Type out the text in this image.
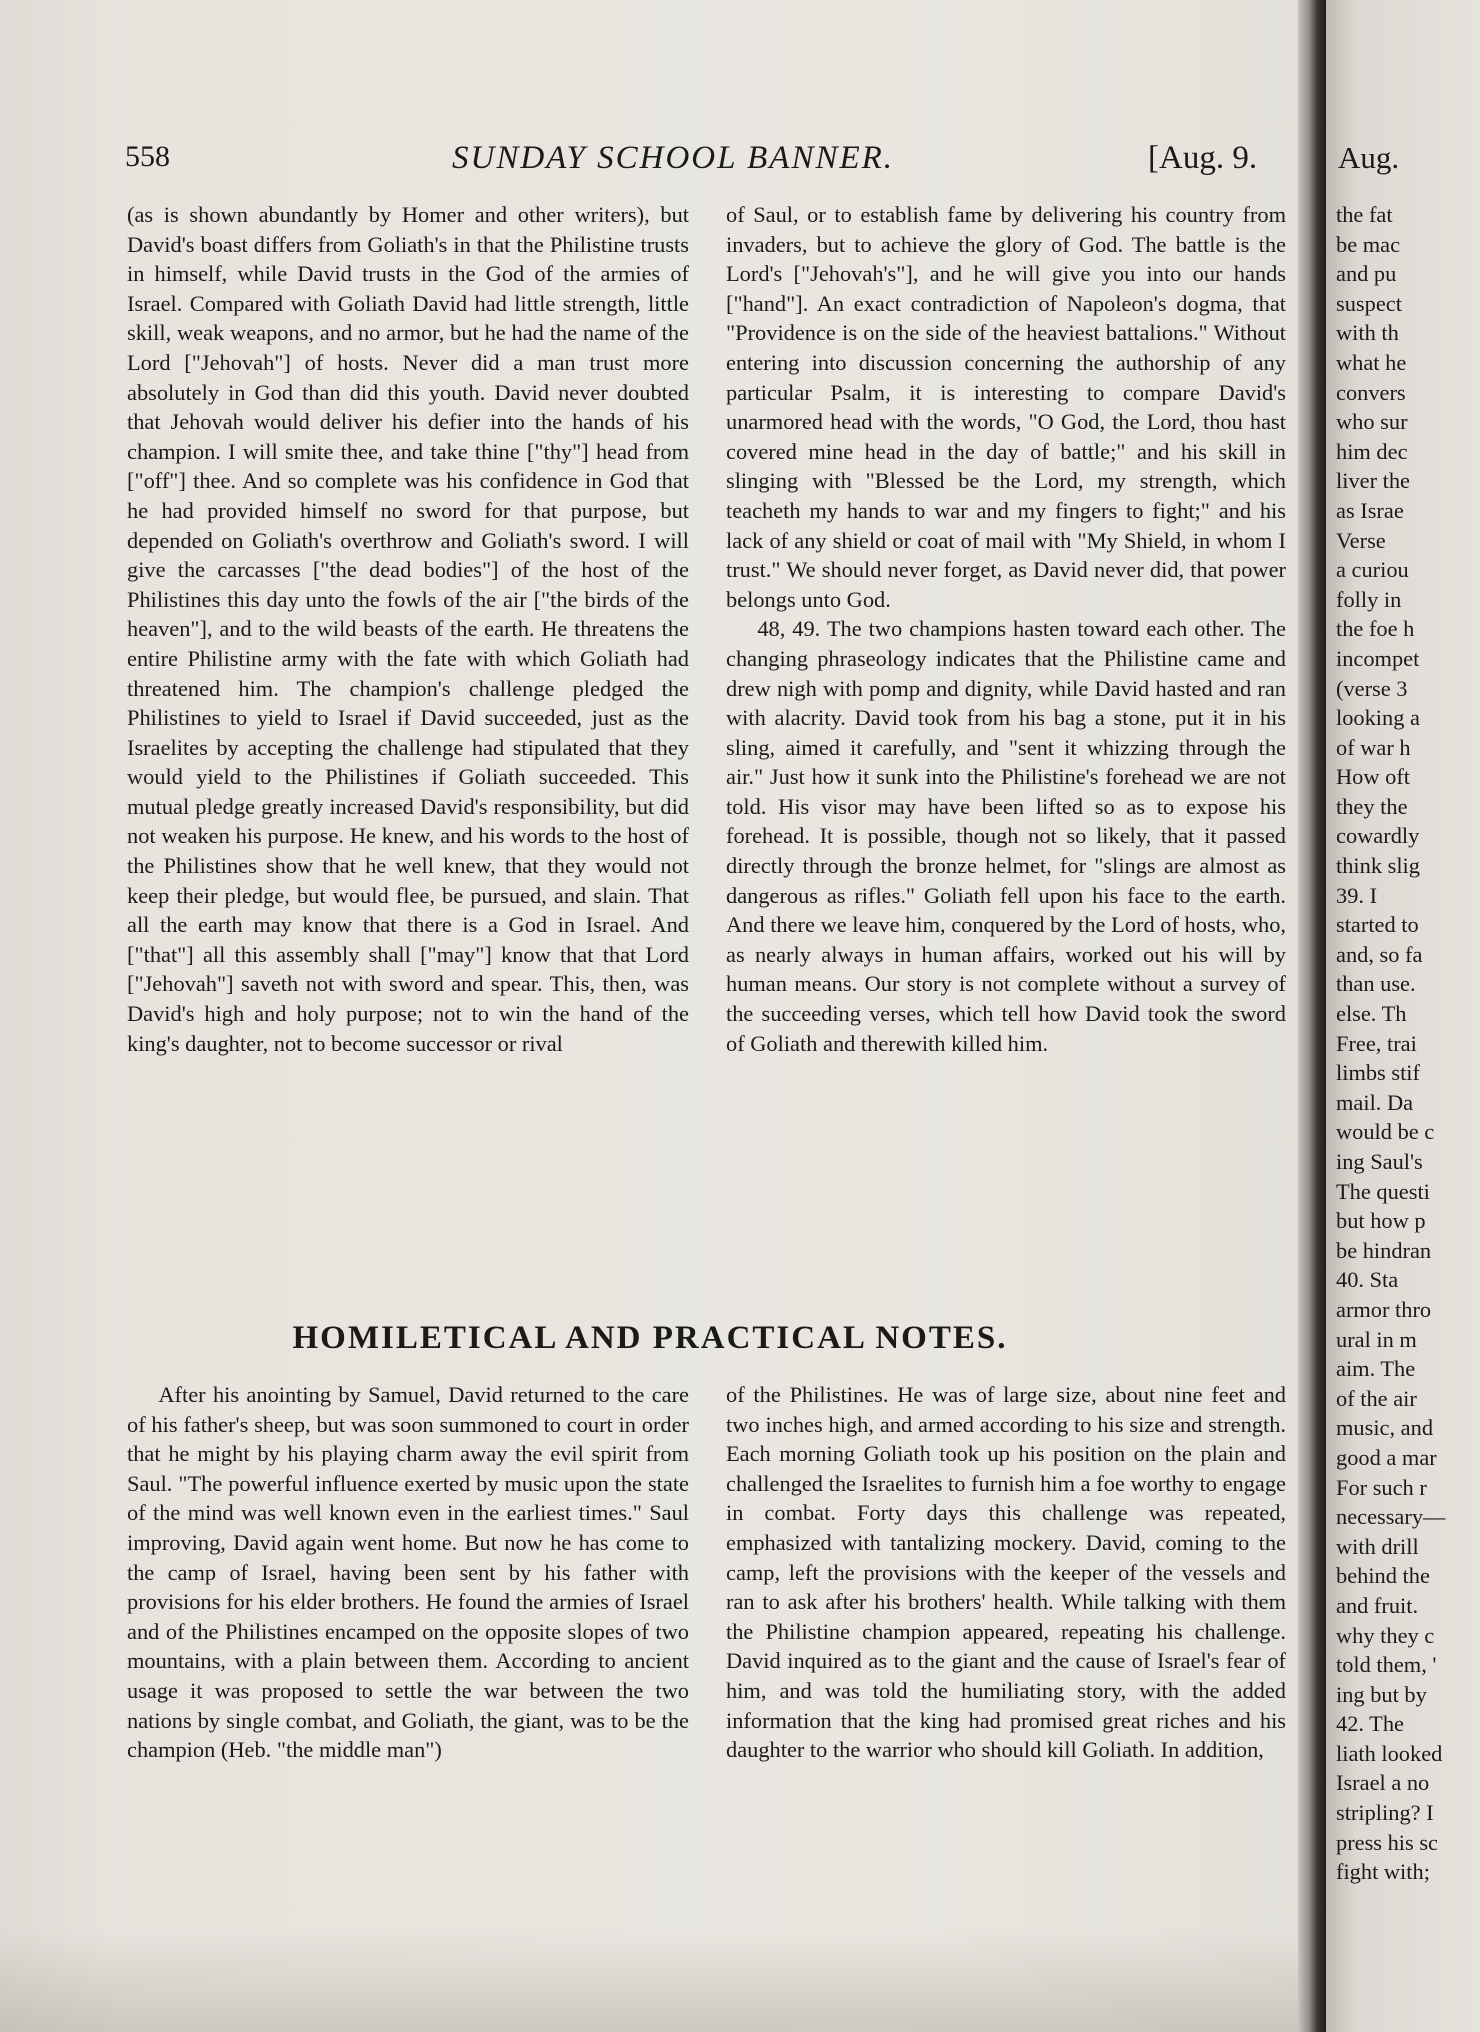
558	SUNDAY SCHOOL BANNER.	[Aug. 9.

(as is shown abundantly by Homer and other writers), but David's boast differs from Goliath's in that the Philistine trusts in himself, while David trusts in the God of the armies of Israel. Compared with Goliath David had little strength, little skill, weak weapons, and no armor, but he had the name of the Lord ["Jehovah"] of hosts. Never did a man trust more absolutely in God than did this youth. David never doubted that Jehovah would deliver his defier into the hands of his champion. I will smite thee, and take thine ["thy"] head from ["off"] thee. And so complete was his confidence in God that he had provided himself no sword for that purpose, but depended on Goliath's overthrow and Goliath's sword. I will give the carcasses ["the dead bodies"] of the host of the Philistines this day unto the fowls of the air ["the birds of the heaven"], and to the wild beasts of the earth. He threatens the entire Philistine army with the fate with which Goliath had threatened him. The champion's challenge pledged the Philistines to yield to Israel if David succeeded, just as the Israelites by accepting the challenge had stipulated that they would yield to the Philistines if Goliath succeeded. This mutual pledge greatly increased David's responsibility, but did not weaken his purpose. He knew, and his words to the host of the Philistines show that he well knew, that they would not keep their pledge, but would flee, be pursued, and slain. That all the earth may know that there is a God in Israel. And ["that"] all this assembly shall ["may"] know that that Lord ["Jehovah"] saveth not with sword and spear. This, then, was David's high and holy purpose; not to win the hand of the king's daughter, not to become successor or rival

of Saul, or to establish fame by delivering his country from invaders, but to achieve the glory of God. The battle is the Lord's ["Jehovah's"], and he will give you into our hands ["hand"]. An exact contradiction of Napoleon's dogma, that "Providence is on the side of the heaviest battalions." Without entering into discussion concerning the authorship of any particular Psalm, it is interesting to compare David's unarmored head with the words, "O God, the Lord, thou hast covered mine head in the day of battle;" and his skill in slinging with "Blessed be the Lord, my strength, which teacheth my hands to war and my fingers to fight;" and his lack of any shield or coat of mail with "My Shield, in whom I trust." We should never forget, as David never did, that power belongs unto God.

48, 49. The two champions hasten toward each other. The changing phraseology indicates that the Philistine came and drew nigh with pomp and dignity, while David hasted and ran with alacrity. David took from his bag a stone, put it in his sling, aimed it carefully, and "sent it whizzing through the air." Just how it sunk into the Philistine's forehead we are not told. His visor may have been lifted so as to expose his forehead. It is possible, though not so likely, that it passed directly through the bronze helmet, for "slings are almost as dangerous as rifles." Goliath fell upon his face to the earth. And there we leave him, conquered by the Lord of hosts, who, as nearly always in human affairs, worked out his will by human means. Our story is not complete without a survey of the succeeding verses, which tell how David took the sword of Goliath and therewith killed him.

HOMILETICAL AND PRACTICAL NOTES.

After his anointing by Samuel, David returned to the care of his father's sheep, but was soon summoned to court in order that he might by his playing charm away the evil spirit from Saul. "The powerful influence exerted by music upon the state of the mind was well known even in the earliest times." Saul improving, David again went home. But now he has come to the camp of Israel, having been sent by his father with provisions for his elder brothers. He found the armies of Israel and of the Philistines encamped on the opposite slopes of two mountains, with a plain between them. According to ancient usage it was proposed to settle the war between the two nations by single combat, and Goliath, the giant, was to be the champion (Heb. "the middle man")

of the Philistines. He was of large size, about nine feet and two inches high, and armed according to his size and strength. Each morning Goliath took up his position on the plain and challenged the Israelites to furnish him a foe worthy to engage in combat. Forty days this challenge was repeated, emphasized with tantalizing mockery. David, coming to the camp, left the provisions with the keeper of the vessels and ran to ask after his brothers' health. While talking with them the Philistine champion appeared, repeating his challenge. David inquired as to the giant and the cause of Israel's fear of him, and was told the humiliating story, with the added information that the king had promised great riches and his daughter to the warrior who should kill Goliath. In addition,

Aug.
the fat
be mac
and pu
suspect
with th
what he
convers
who sur
him dec
liver the
as Israe
Verse
a curiou
folly in
the foe h
incompet
(verse 3
looking a
of war h
How oft
they the
cowardly
think slig
39. I
started to
and, so fa
than use.
else. Th
Free, trai
limbs stif
mail. Da
would be c
ing Saul's
The questi
but how p
be hindran
40. Sta
armor thro
ural in m
aim. The
of the air
music, and
good a mar
For such r
necessary—
with drill
behind the
and fruit.
why they c
told them, '
ing but by
42. The
liath looked
Israel a no
stripling? I
press his sc
fight with;
